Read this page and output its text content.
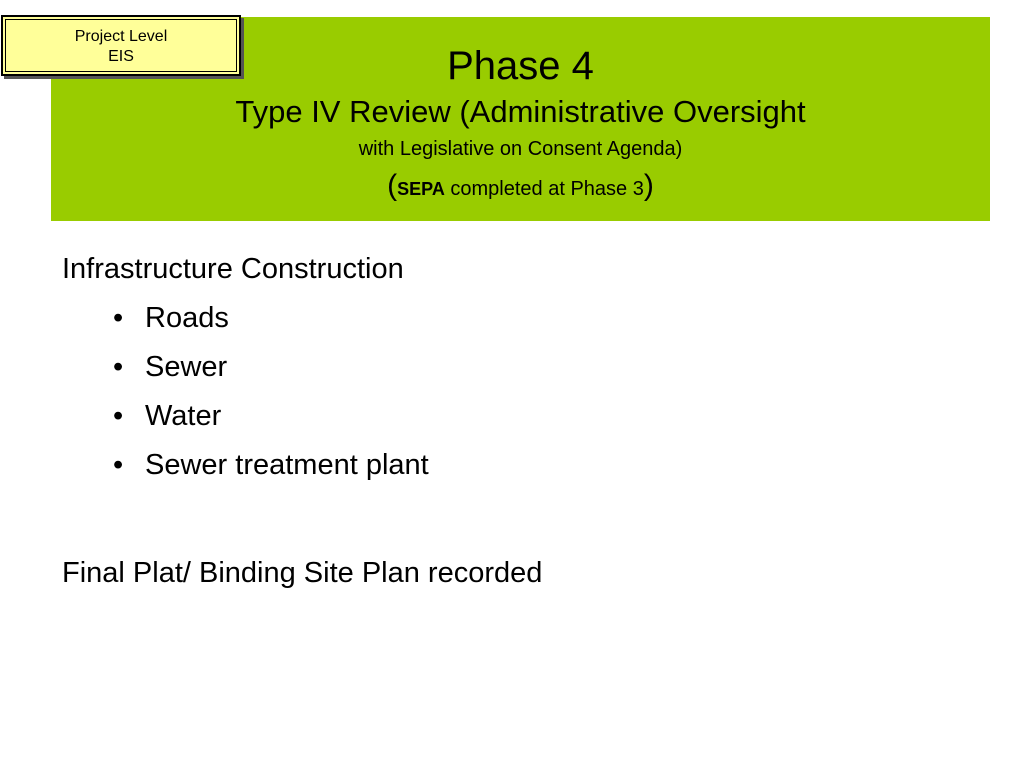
Project Level
EIS	Phase 4
Type IV Review (Administrative Oversight
with Legislative on Consent Agenda)
(SEPA completed at Phase 3)
Infrastructure Construction
• Roads
• Sewer
• Water
• Sewer treatment plant
Final Plat/ Binding Site Plan recorded
